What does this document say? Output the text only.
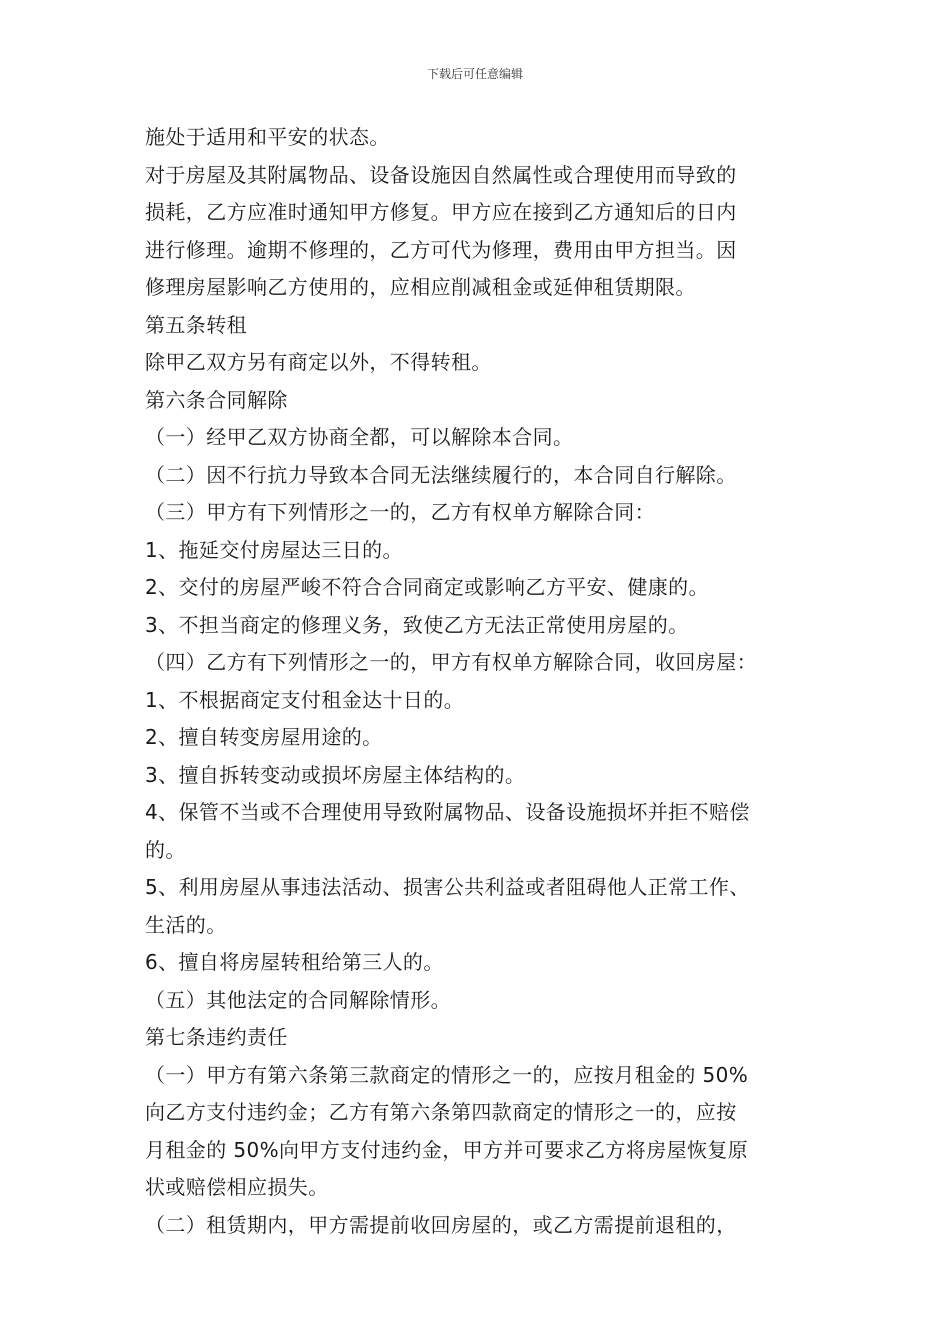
下载后可任意编辑
施处于适用和平安的状态。
对于房屋及其附属物品、设备设施因自然属性或合理使用而导致的
损耗，乙方应准时通知甲方修复。甲方应在接到乙方通知后的日内
进行修理。逾期不修理的，乙方可代为修理，费用由甲方担当。因
修理房屋影响乙方使用的，应相应削减租金或延伸租赁期限。
第五条转租
除甲乙双方另有商定以外，不得转租。
第六条合同解除
（一）经甲乙双方协商全都，可以解除本合同。
（二）因不行抗力导致本合同无法继续履行的，本合同自行解除。
（三）甲方有下列情形之一的，乙方有权单方解除合同：
1、拖延交付房屋达三日的。
2、交付的房屋严峻不符合合同商定或影响乙方平安、健康的。
3、不担当商定的修理义务，致使乙方无法正常使用房屋的。
（四）乙方有下列情形之一的，甲方有权单方解除合同，收回房屋：
1、不根据商定支付租金达十日的。
2、擅自转变房屋用途的。
3、擅自拆转变动或损坏房屋主体结构的。
4、保管不当或不合理使用导致附属物品、设备设施损坏并拒不赔偿
的。
5、利用房屋从事违法活动、损害公共利益或者阻碍他人正常工作、
生活的。
6、擅自将房屋转租给第三人的。
（五）其他法定的合同解除情形。
第七条违约责任
（一）甲方有第六条第三款商定的情形之一的，应按月租金的 50%
向乙方支付违约金；乙方有第六条第四款商定的情形之一的，应按
月租金的 50%向甲方支付违约金，甲方并可要求乙方将房屋恢复原
状或赔偿相应损失。
（二）租赁期内，甲方需提前收回房屋的，或乙方需提前退租的，
